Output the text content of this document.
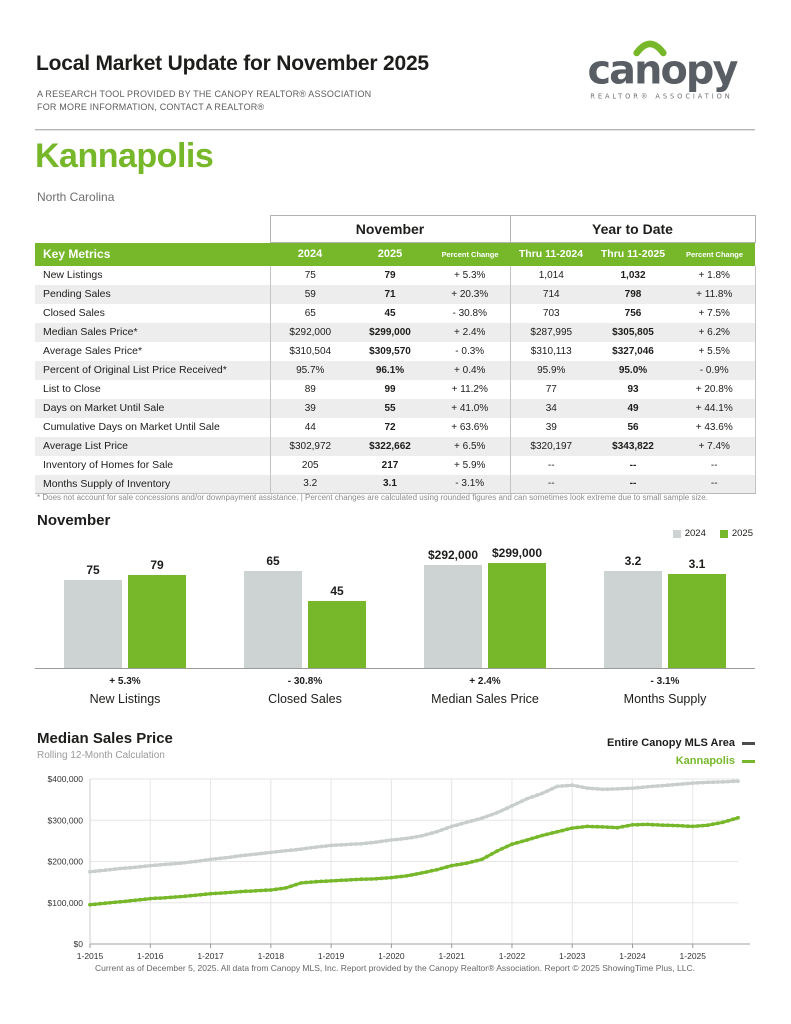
Local Market Update for November 2025
A RESEARCH TOOL PROVIDED BY THE CANOPY REALTOR® ASSOCIATION
FOR MORE INFORMATION, CONTACT A REALTOR®
canopy
REALTOR® ASSOCIATION
Kannapolis
North Carolina
	November			Year to Date		
Key Metrics	2024	2025	Percent Change	Thru 11-2024	Thru 11-2025	Percent Change
New Listings	75	79	+ 5.3%	1,014	1,032	+ 1.8%
Pending Sales	59	71	+ 20.3%	714	798	+ 11.8%
Closed Sales	65	45	- 30.8%	703	756	+ 7.5%
Median Sales Price*	$292,000	$299,000	+ 2.4%	$287,995	$305,805	+ 6.2%
Average Sales Price*	$310,504	$309,570	- 0.3%	$310,113	$327,046	+ 5.5%
Percent of Original List Price Received*	95.7%	96.1%	+ 0.4%	95.9%	95.0%	- 0.9%
List to Close	89	99	+ 11.2%	77	93	+ 20.8%
Days on Market Until Sale	39	55	+ 41.0%	34	49	+ 44.1%
Cumulative Days on Market Until Sale	44	72	+ 63.6%	39	56	+ 43.6%
Average List Price	$302,972	$322,662	+ 6.5%	$320,197	$343,822	+ 7.4%
Inventory of Homes for Sale	205	217	+ 5.9%	--	--	--
Months Supply of Inventory	3.2	3.1	- 3.1%	--	--	--
* Does not account for sale concessions and/or downpayment assistance. | Percent changes are calculated using rounded figures and can sometimes look extreme due to small sample size.
November
2024	2025
75	79	65
45
$292,000 $299,000
3.2	3.1
+ 5.3%
New Listings
- 30.8%
Closed Sales
+ 2.4%
Median Sales Price
- 3.1%
Months Supply
Median Sales Price
Rolling 12-Month Calculation
Entire Canopy MLS Area
Kannapolis
$0
$100,000
$200,000
$300,000
$400,000
1-2015	1-2016	1-2017	1-2018	1-2019	1-2020	1-2021	1-2022	1-2023	1-2024	1-2025
Current as of December 5, 2025. All data from Canopy MLS, Inc. Report provided by the Canopy Realtor® Association. Report © 2025 ShowingTime Plus, LLC.
